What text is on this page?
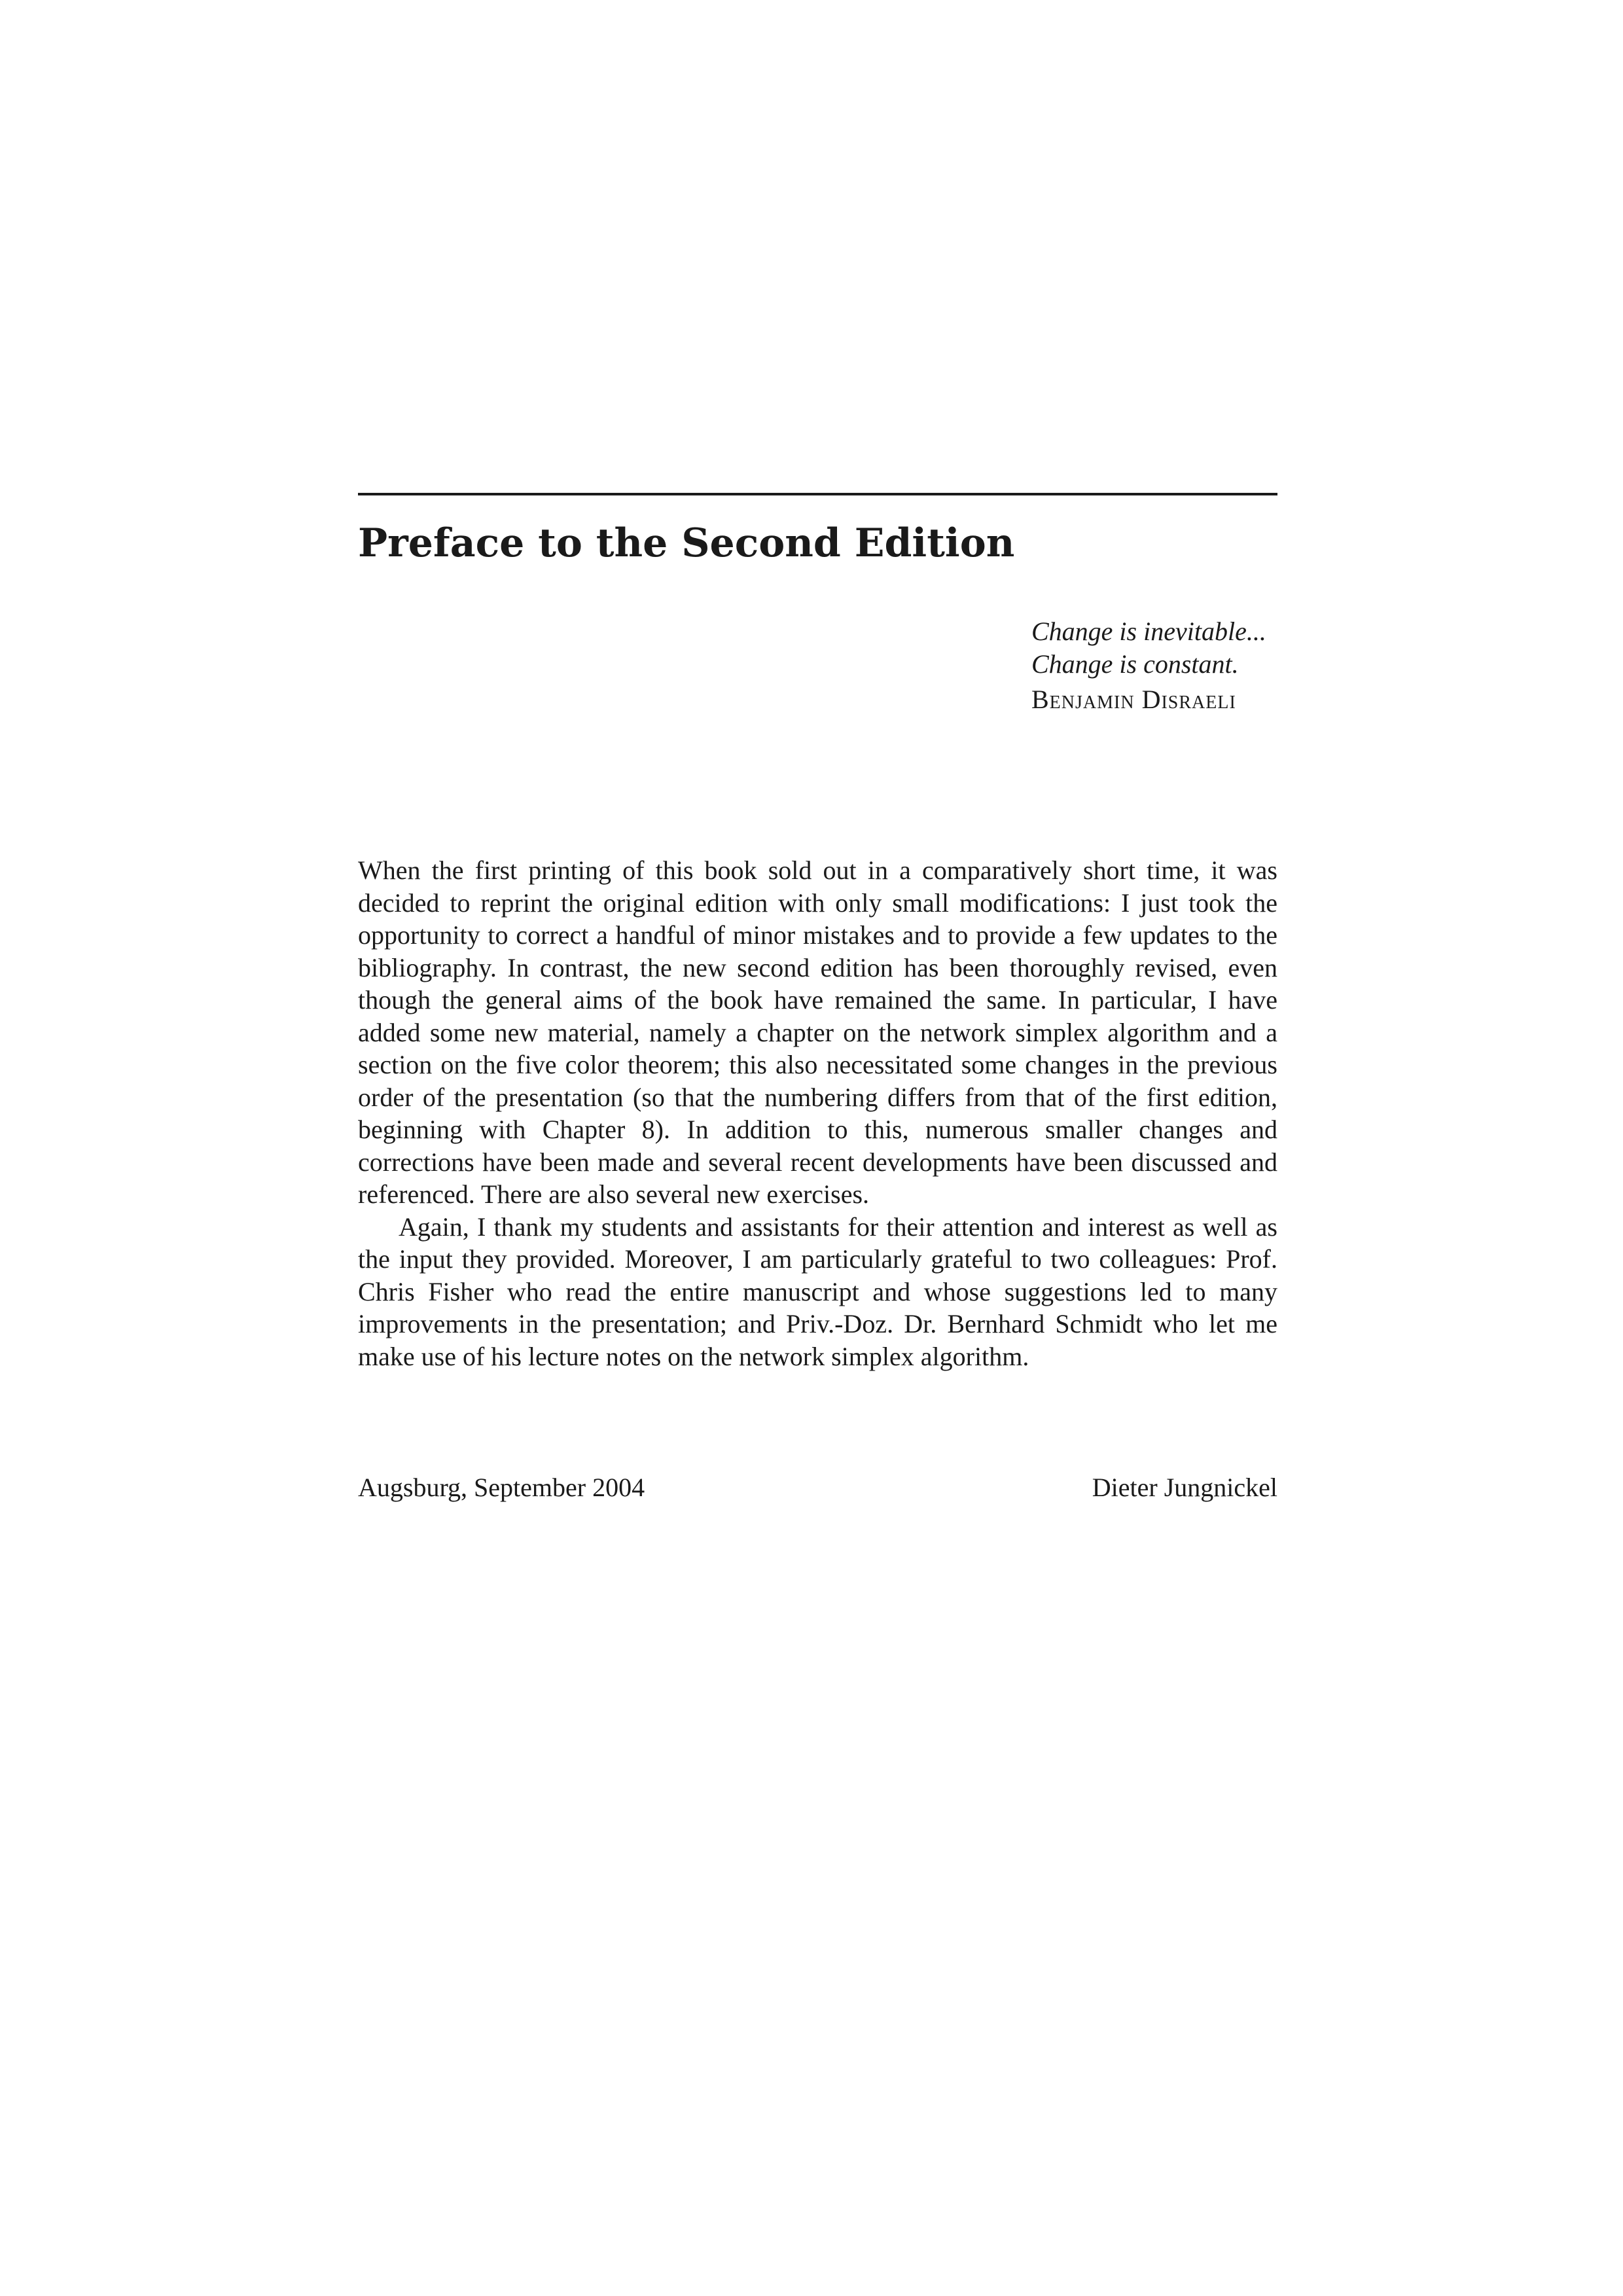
Preface to the Second Edition
Change is inevitable...
Change is constant.
Benjamin Disraeli

When the first printing of this book sold out in a comparatively short time, it was decided to reprint the original edition with only small modifications: I just took the opportunity to correct a handful of minor mistakes and to provide a few updates to the bibliography. In contrast, the new second edition has been thoroughly revised, even though the general aims of the book have remained the same. In particular, I have added some new material, namely a chapter on the network simplex algorithm and a section on the five color theorem; this also necessitated some changes in the previous order of the presentation (so that the numbering differs from that of the first edition, beginning with Chapter 8). In addition to this, numerous smaller changes and corrections have been made and several recent developments have been discussed and referenced. There are also several new exercises.

Again, I thank my students and assistants for their attention and interest as well as the input they provided. Moreover, I am particularly grateful to two colleagues: Prof. Chris Fisher who read the entire manuscript and whose suggestions led to many improvements in the presentation; and Priv.-Doz. Dr. Bernhard Schmidt who let me make use of his lecture notes on the network simplex algorithm.

Augsburg, September 2004	Dieter Jungnickel
